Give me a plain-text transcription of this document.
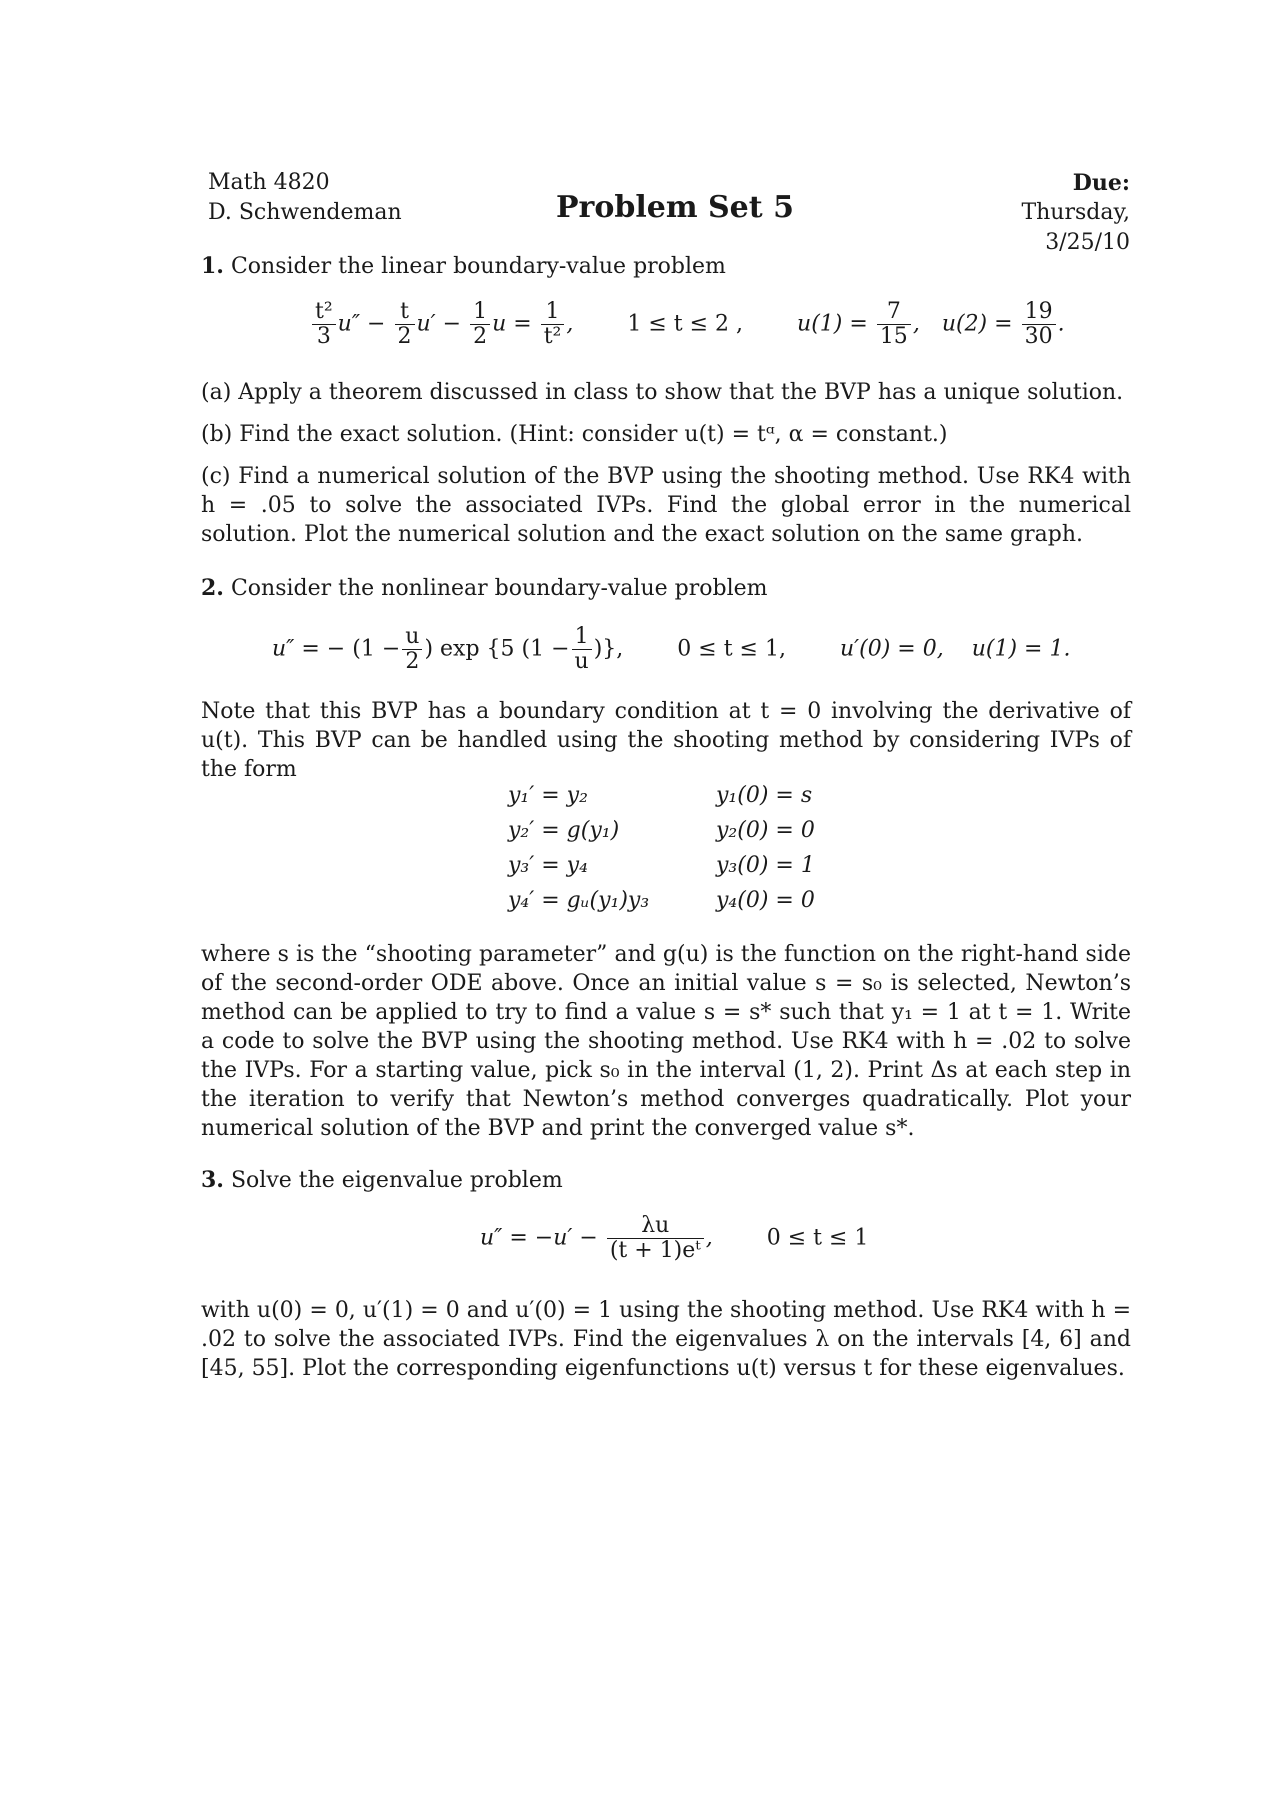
Math 4820
D. Schwendeman	Problem Set 5
Due:
Thursday, 3/25/10
1. Consider the linear boundary-value problem
$\frac{\text{t²}}{3} u'' - \frac{t}{2} u' - \frac{1}{2}$ $u = \frac{1}{\text{t²}}$ ,  1 ≤ t ≤ 2 , $u(1) = \frac{7}{15}$ ,  $u(2) = \frac{19}{30}$ .
(a) Apply a theorem discussed in class to show that the BVP has a unique solution.
(b) Find the exact solution. (Hint: consider u(t) = tᵅ, α = constant.)
(c) Find a numerical solution of the BVP using the shooting method. Use RK4 with h = .05 to solve the associated IVPs. Find the global error in the numerical solution. Plot the numerical solution and the exact solution on the same graph.
2. Consider the nonlinear boundary-value problem
u″ = − ($1 - \frac{u}{2}$ ) exp {5 ($1 - \frac{1}{u}$ )}, 0 ≤ t ≤ 1, u′(0) = 0, u(1) = 1.
Note that this BVP has a boundary condition at t = 0 involving the derivative of u(t). This BVP can be handled using the shooting method by considering IVPs of the form
y₁′ = y₂
y₂′ = g(y₁)
y₃′ = y₄
y₄′ = gᵤ(y₁)y₃
y₁(0) = s
y₂(0) = 0
y₃(0) = 1
y₄(0) = 0
where s is the “shooting parameter” and g(u) is the function on the right-hand side of the second-order ODE above. Once an initial value s = s₀ is selected, Newton’s method can be applied to try to find a value s = s* such that y₁ = 1 at t = 1. Write a code to solve the BVP using the shooting method. Use RK4 with h = .02 to solve the IVPs. For a starting value, pick s₀ in the interval (1, 2). Print Δs at each step in the iteration to verify that Newton’s method converges quadratically. Plot your numerical solution of the BVP and print the converged value s*.
3. Solve the eigenvalue problem
$u'' = -u' - \frac{\lambda u}{\text{(t + 1)eᵗ}}$ , 0 ≤ t ≤ 1
with u(0) = 0, u′(1) = 0 and u′(0) = 1 using the shooting method. Use RK4 with h = .02 to solve the associated IVPs. Find the eigenvalues λ on the intervals [4, 6] and [45, 55]. Plot the corresponding eigenfunctions u(t) versus t for these eigenvalues.
